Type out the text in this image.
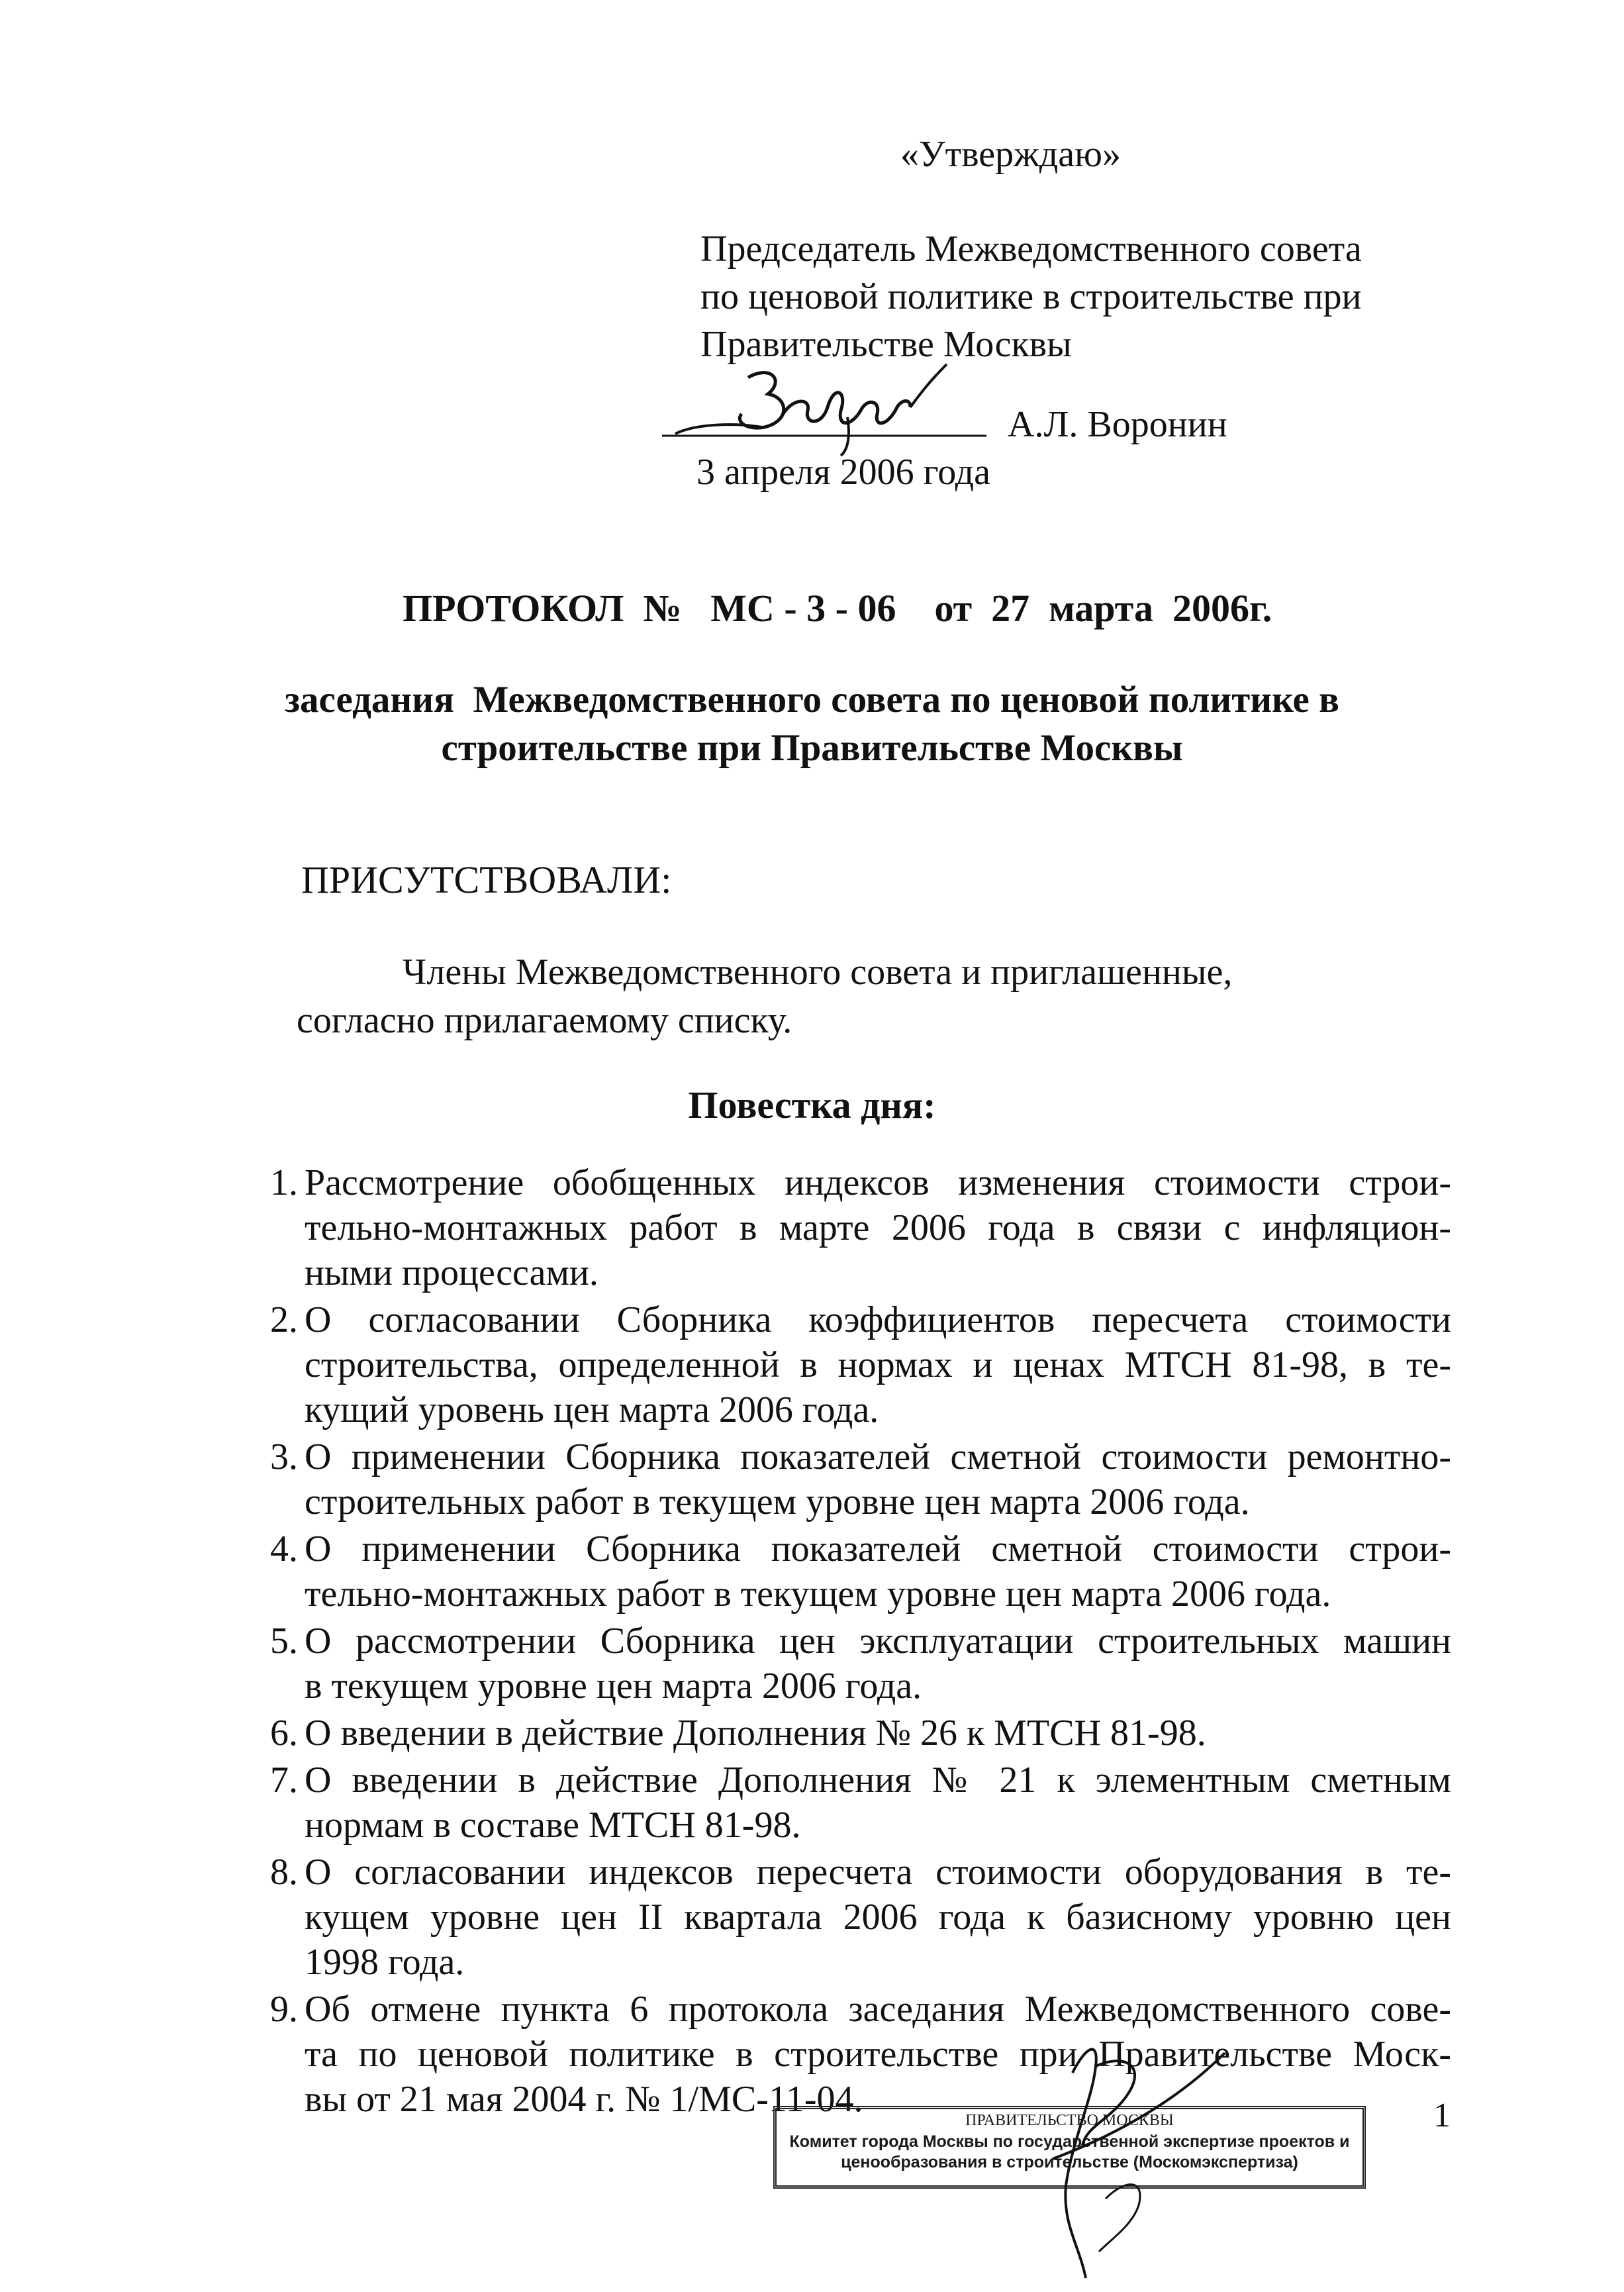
«Утверждаю»
Председатель Межведомственного совета
по ценовой политике в строительстве при
Правительстве Москвы
А.Л. Воронин
3 апреля 2006 года
ПРОТОКОЛ  №   МС - 3 - 06    от  27  марта  2006г.
заседания  Межведомственного совета по ценовой политике в
строительстве при Правительстве Москвы
ПРИСУТСТВОВАЛИ:
Члены Межведомственного совета и приглашенные,
согласно прилагаемому списку.
Повестка дня:
1. Рассмотрение обобщенных индексов изменения стоимости строи-
тельно-монтажных работ в марте 2006 года в связи с инфляцион-
ными процессами.
2. О согласовании Сборника коэффициентов пересчета стоимости
строительства, определенной в нормах и ценах МТСН 81-98, в те-
кущий уровень цен марта 2006 года.
3. О применении Сборника показателей сметной стоимости ремонтно-
строительных работ в текущем уровне цен марта 2006 года.
4. О применении Сборника показателей сметной стоимости строи-
тельно-монтажных работ в текущем уровне цен марта 2006 года.
5. О рассмотрении Сборника цен эксплуатации строительных машин
в текущем уровне цен марта 2006 года.
6. О введении в действие Дополнения № 26 к МТСН 81-98.
7. О введении в действие Дополнения № 21 к элементным сметным
нормам в составе МТСН 81-98.
8. О согласовании индексов пересчета стоимости оборудования в те-
кущем уровне цен II квартала 2006 года к базисному уровню цен
1998 года.
9. Об отмене пункта 6 протокола заседания Межведомственного сове-
та по ценовой политике в строительстве при Правительстве Моск-
вы от 21 мая 2004 г. № 1/МС-11-04.	1
ПРАВИТЕЛЬСТВО МОСКВЫ
Комитет города Москвы по государственной экспертизе проектов и
ценообразования в строительстве (Москомэкспертиза)
